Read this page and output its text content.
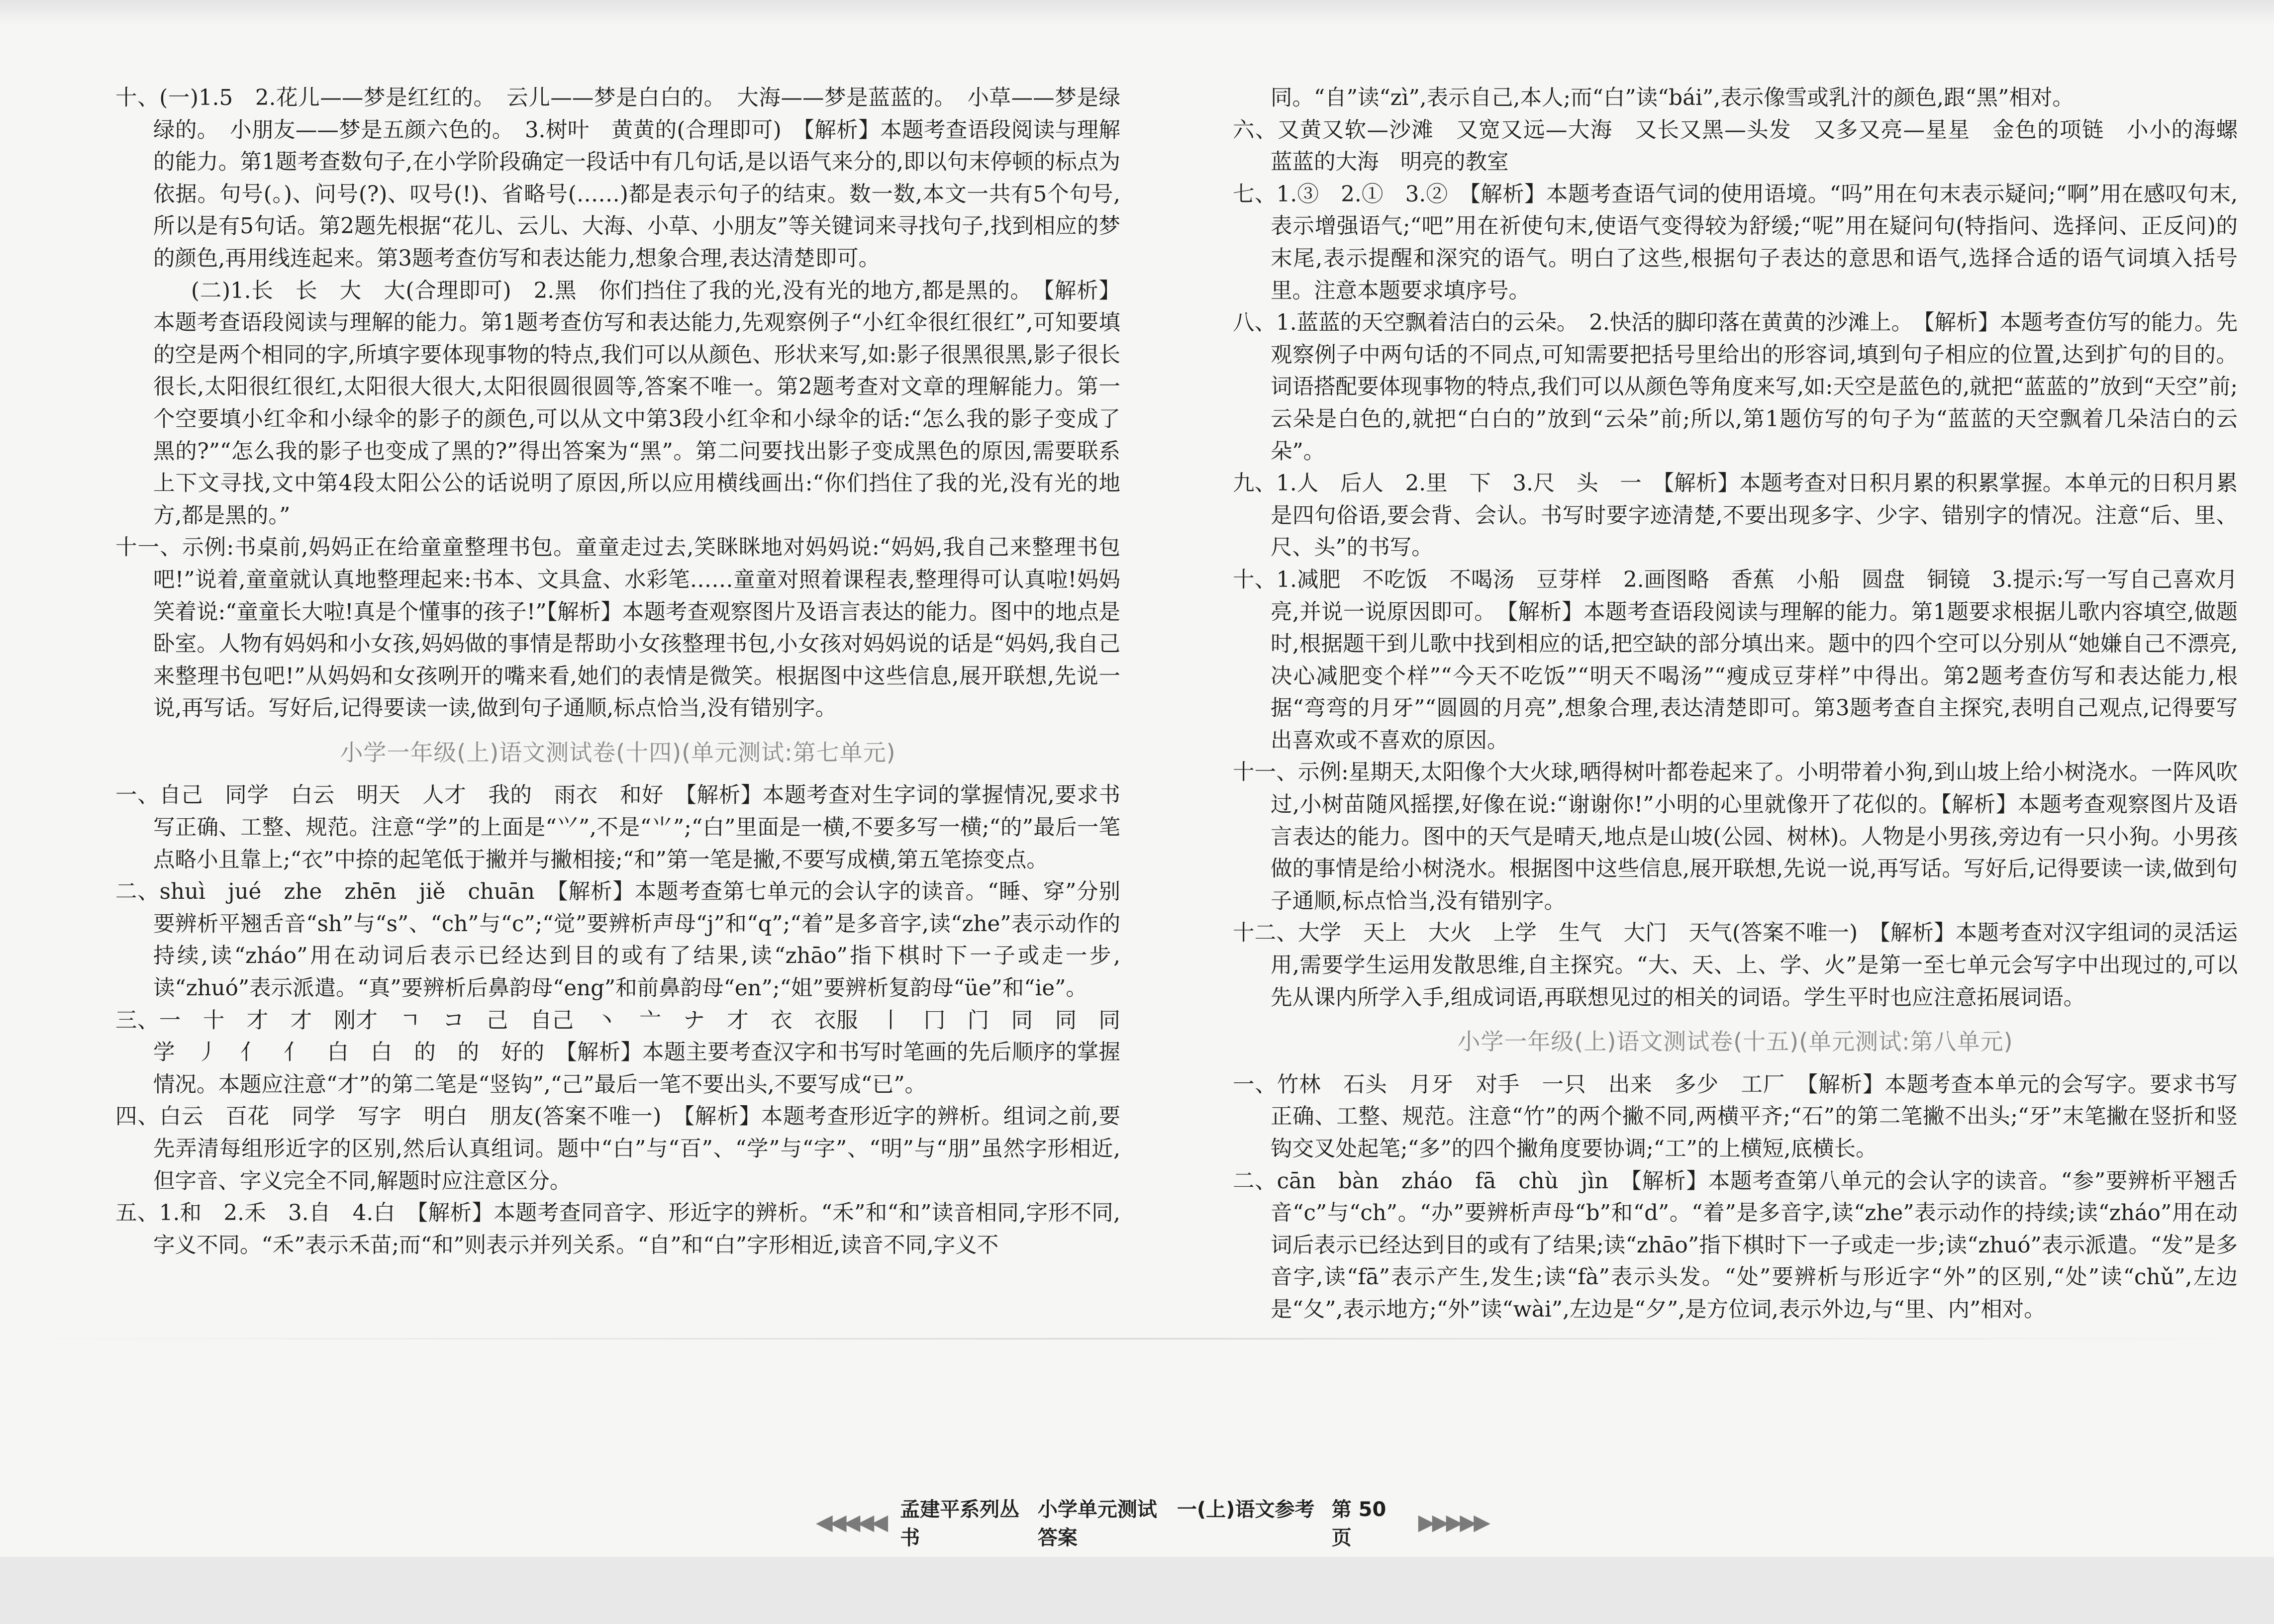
十、(一)1.5　2.花儿——梦是红红的。　云儿——梦是白白的。　大海——梦是蓝蓝的。　小草——梦是绿绿的。　小朋友——梦是五颜六色的。　3.树叶　黄黄的(合理即可)　【解析】本题考查语段阅读与理解的能力。第1题考查数句子,在小学阶段确定一段话中有几句话,是以语气来分的,即以句末停顿的标点为依据。句号(。)、问号(?)、叹号(!)、省略号(……)都是表示句子的结束。数一数,本文一共有5个句号,所以是有5句话。第2题先根据“花儿、云儿、大海、小草、小朋友”等关键词来寻找句子,找到相应的梦的颜色,再用线连起来。第3题考查仿写和表达能力,想象合理,表达清楚即可。

(二)1.长　长　大　大(合理即可)　2.黑　你们挡住了我的光,没有光的地方,都是黑的。　【解析】本题考查语段阅读与理解的能力。第1题考查仿写和表达能力,先观察例子“小红伞很红很红”,可知要填的空是两个相同的字,所填字要体现事物的特点,我们可以从颜色、形状来写,如:影子很黑很黑,影子很长很长,太阳很红很红,太阳很大很大,太阳很圆很圆等,答案不唯一。第2题考查对文章的理解能力。第一个空要填小红伞和小绿伞的影子的颜色,可以从文中第3段小红伞和小绿伞的话:“怎么我的影子变成了黑的?”“怎么我的影子也变成了黑的?”得出答案为“黑”。第二问要找出影子变成黑色的原因,需要联系上下文寻找,文中第4段太阳公公的话说明了原因,所以应用横线画出:“你们挡住了我的光,没有光的地方,都是黑的。”

十一、示例:书桌前,妈妈正在给童童整理书包。童童走过去,笑眯眯地对妈妈说:“妈妈,我自己来整理书包吧!”说着,童童就认真地整理起来:书本、文具盒、水彩笔……童童对照着课程表,整理得可认真啦!妈妈笑着说:“童童长大啦!真是个懂事的孩子!”【解析】本题考查观察图片及语言表达的能力。图中的地点是卧室。人物有妈妈和小女孩,妈妈做的事情是帮助小女孩整理书包,小女孩对妈妈说的话是“妈妈,我自己来整理书包吧!”从妈妈和女孩咧开的嘴来看,她们的表情是微笑。根据图中这些信息,展开联想,先说一说,再写话。写好后,记得要读一读,做到句子通顺,标点恰当,没有错别字。

小学一年级(上)语文测试卷(十四)(单元测试:第七单元)

一、自己　同学　白云　明天　人才　我的　雨衣　和好　【解析】本题考查对生字词的掌握情况,要求书写正确、工整、规范。注意“学”的上面是“⺍”,不是“⺌”;“白”里面是一横,不要多写一横;“的”最后一笔点略小且靠上;“衣”中捺的起笔低于撇并与撇相接;“和”第一笔是撇,不要写成横,第五笔捺变点。

二、shuì　jué　zhe　zhēn　jiě　chuān　【解析】本题考查第七单元的会认字的读音。“睡、穿”分别要辨析平翘舌音“sh”与“s”、“ch”与“c”;“觉”要辨析声母“j”和“q”;“着”是多音字,读“zhe”表示动作的持续,读“zháo”用在动词后表示已经达到目的或有了结果,读“zhāo”指下棋时下一子或走一步,读“zhuó”表示派遣。“真”要辨析后鼻韵母“eng”和前鼻韵母“en”;“姐”要辨析复韵母“üe”和“ie”。

三、一　十　才　才　刚才　ㄱ　コ　己　自己　丶　亠　ナ　才　衣　衣服　丨　冂　门　同　同　同学　丿　亻　亻　白　白　的　的　好的　【解析】本题主要考查汉字和书写时笔画的先后顺序的掌握情况。本题应注意“才”的第二笔是“竖钩”,“己”最后一笔不要出头,不要写成“已”。

四、白云　百花　同学　写字　明白　朋友(答案不唯一)　【解析】本题考查形近字的辨析。组词之前,要先弄清每组形近字的区别,然后认真组词。题中“白”与“百”、“学”与“字”、“明”与“朋”虽然字形相近,但字音、字义完全不同,解题时应注意区分。

五、1.和　2.禾　3.自　4.白　【解析】本题考查同音字、形近字的辨析。“禾”和“和”读音相同,字形不同,字义不同。“禾”表示禾苗;而“和”则表示并列关系。“自”和“白”字形相近,读音不同,字义不

同。“自”读“zì”,表示自己,本人;而“白”读“bái”,表示像雪或乳汁的颜色,跟“黑”相对。

六、又黄又软—沙滩　又宽又远—大海　又长又黑—头发　又多又亮—星星　金色的项链　小小的海螺　蓝蓝的大海　明亮的教室

七、1.③　2.①　3.②　【解析】本题考查语气词的使用语境。“吗”用在句末表示疑问;“啊”用在感叹句末,表示增强语气;“吧”用在祈使句末,使语气变得较为舒缓;“呢”用在疑问句(特指问、选择问、正反问)的末尾,表示提醒和深究的语气。明白了这些,根据句子表达的意思和语气,选择合适的语气词填入括号里。注意本题要求填序号。

八、1.蓝蓝的天空飘着洁白的云朵。　2.快活的脚印落在黄黄的沙滩上。　【解析】本题考查仿写的能力。先观察例子中两句话的不同点,可知需要把括号里给出的形容词,填到句子相应的位置,达到扩句的目的。词语搭配要体现事物的特点,我们可以从颜色等角度来写,如:天空是蓝色的,就把“蓝蓝的”放到“天空”前;云朵是白色的,就把“白白的”放到“云朵”前;所以,第1题仿写的句子为“蓝蓝的天空飘着几朵洁白的云朵”。

九、1.人　后人　2.里　下　3.尺　头　一　【解析】本题考查对日积月累的积累掌握。本单元的日积月累是四句俗语,要会背、会认。书写时要字迹清楚,不要出现多字、少字、错别字的情况。注意“后、里、尺、头”的书写。

十、1.减肥　不吃饭　不喝汤　豆芽样　2.画图略　香蕉　小船　圆盘　铜镜　3.提示:写一写自己喜欢月亮,并说一说原因即可。　【解析】本题考查语段阅读与理解的能力。第1题要求根据儿歌内容填空,做题时,根据题干到儿歌中找到相应的话,把空缺的部分填出来。题中的四个空可以分别从“她嫌自己不漂亮,决心减肥变个样”“今天不吃饭”“明天不喝汤”“瘦成豆芽样”中得出。第2题考查仿写和表达能力,根据“弯弯的月牙”“圆圆的月亮”,想象合理,表达清楚即可。第3题考查自主探究,表明自己观点,记得要写出喜欢或不喜欢的原因。

十一、示例:星期天,太阳像个大火球,晒得树叶都卷起来了。小明带着小狗,到山坡上给小树浇水。一阵风吹过,小树苗随风摇摆,好像在说:“谢谢你!”小明的心里就像开了花似的。【解析】本题考查观察图片及语言表达的能力。图中的天气是晴天,地点是山坡(公园、树林)。人物是小男孩,旁边有一只小狗。小男孩做的事情是给小树浇水。根据图中这些信息,展开联想,先说一说,再写话。写好后,记得要读一读,做到句子通顺,标点恰当,没有错别字。

十二、大学　天上　大火　上学　生气　大门　天气(答案不唯一)　【解析】本题考查对汉字组词的灵活运用,需要学生运用发散思维,自主探究。“大、天、上、学、火”是第一至七单元会写字中出现过的,可以先从课内所学入手,组成词语,再联想见过的相关的词语。学生平时也应注意拓展词语。

小学一年级(上)语文测试卷(十五)(单元测试:第八单元)

一、竹林　石头　月牙　对手　一只　出来　多少　工厂　【解析】本题考查本单元的会写字。要求书写正确、工整、规范。注意“竹”的两个撇不同,两横平齐;“石”的第二笔撇不出头;“牙”末笔撇在竖折和竖钩交叉处起笔;“多”的四个撇角度要协调;“工”的上横短,底横长。

二、cān　bàn　zháo　fā　chù　jìn　【解析】本题考查第八单元的会认字的读音。“参”要辨析平翘舌音“c”与“ch”。“办”要辨析声母“b”和“d”。“着”是多音字,读“zhe”表示动作的持续;读“zháo”用在动词后表示已经达到目的或有了结果;读“zhāo”指下棋时下一子或走一步;读“zhuó”表示派遣。“发”是多音字,读“fā”表示产生,发生;读“fà”表示头发。“处”要辨析与形近字“外”的区别,“处”读“chǔ”,左边是“夂”,表示地方;“外”读“wài”,左边是“夕”,是方位词,表示外边,与“里、内”相对。

◀◀◀◀◀ 孟建平系列丛书
小学单元测试　一(上)语文参考答案
第 50 页
▶▶▶▶▶
